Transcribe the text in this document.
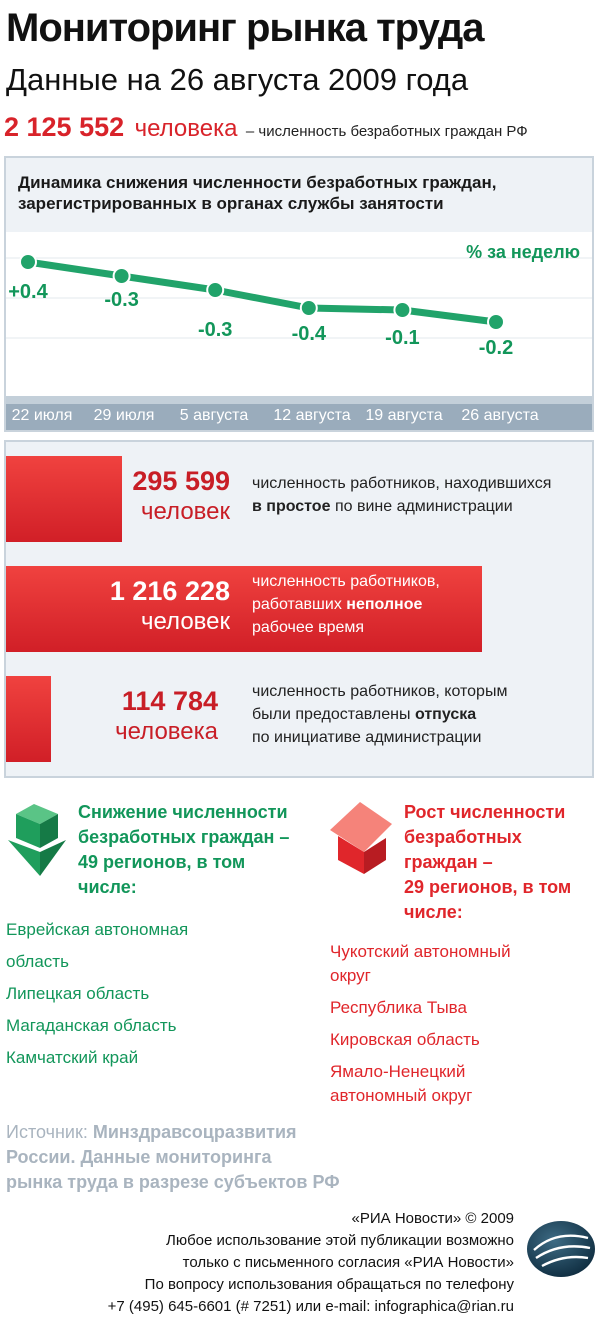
Мониторинг рынка труда
Данные на 26 августа 2009 года
2 125 552 человека – численность безработных граждан РФ
Динамика снижения численности безработных граждан,
зарегистрированных в органах службы занятости
% за неделю
+0.4	-0.3
-0.3	-0.4	-0.1	-0.2
22 июля 29 июля 5 августа 12 августа 19 августа 26 августа
295 599
человек
численность работников, находившихся
в простое по вине администрации
1 216 228
человек
численность работников,
работавших неполное
рабочее время
114 784
человека
численность работников, которым
были предоставлены отпуска
по инициативе администрации
Снижение численности
безработных граждан –
49 регионов, в том
числе:
Еврейская автономная
область
Липецкая область
Магаданская область
Камчатский край
Рост численности
безработных
граждан –
29 регионов, в том
числе:
Чукотский автономный
округ
Республика Тыва
Кировская область
Ямало-Ненецкий
автономный округ
Источник: Минздравсоцразвития
России. Данные мониторинга
рынка труда в разрезе субъектов РФ
«РИА Новости» © 2009
Любое использование этой публикации возможно
только с письменного согласия «РИА Новости»
По вопросу использования обращаться по телефону
+7 (495) 645-6601 (# 7251) или e-mail: infographica@rian.ru
